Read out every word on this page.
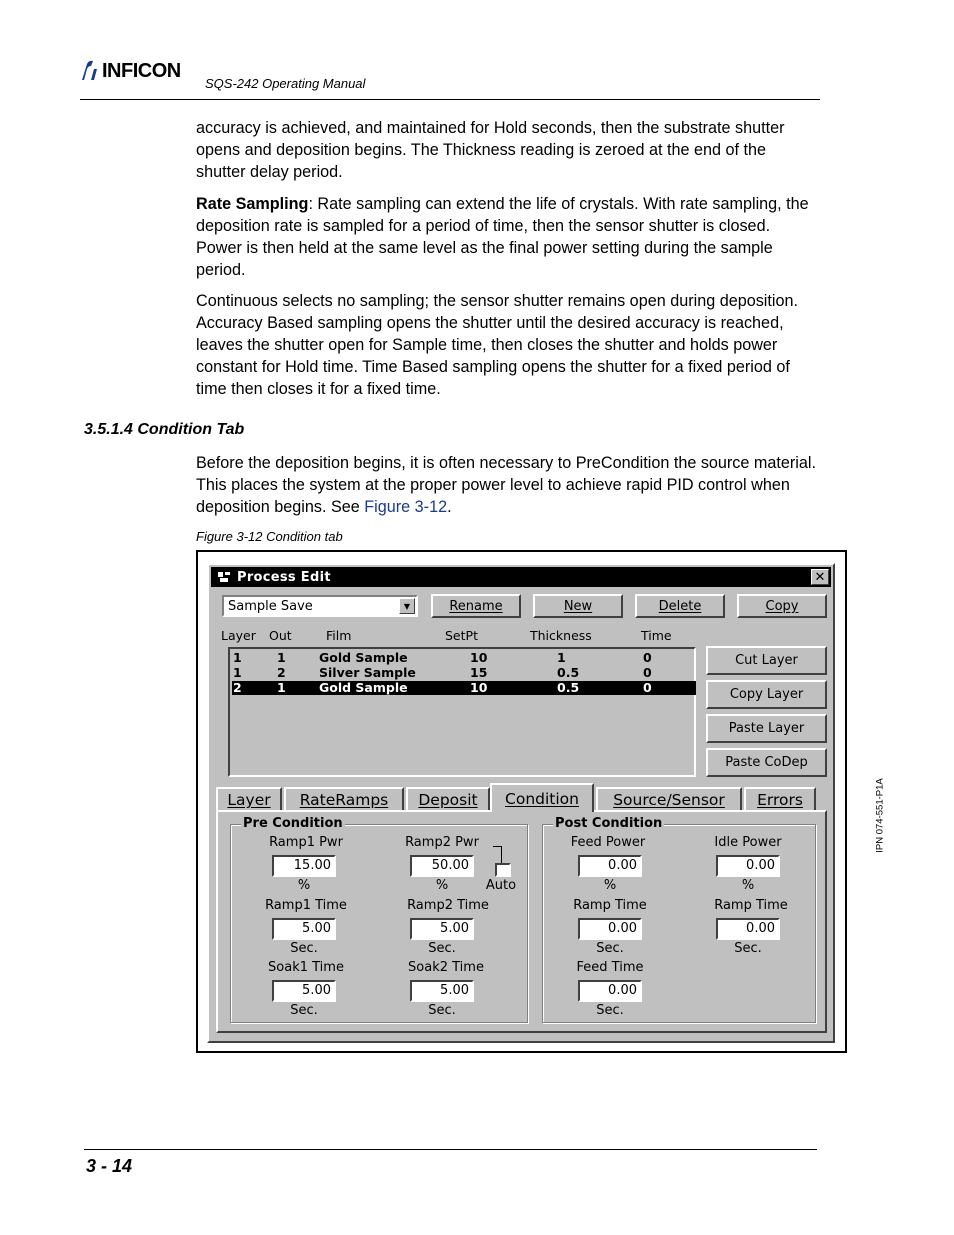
INFICON
SQS-242 Operating Manual

accuracy is achieved, and maintained for Hold seconds, then the substrate shutter opens and deposition begins. The Thickness reading is zeroed at the end of the shutter delay period.

Rate Sampling: Rate sampling can extend the life of crystals. With rate sampling, the deposition rate is sampled for a period of time, then the sensor shutter is closed. Power is then held at the same level as the final power setting during the sample period.

Continuous selects no sampling; the sensor shutter remains open during deposition. Accuracy Based sampling opens the shutter until the desired accuracy is reached, leaves the shutter open for Sample time, then closes the shutter and holds power constant for Hold time. Time Based sampling opens the shutter for a fixed period of time then closes it for a fixed time.

3.5.1.4 Condition Tab

Before the deposition begins, it is often necessary to PreCondition the source material. This places the system at the proper power level to achieve rapid PID control when deposition begins. See Figure 3-12.

Figure 3-12 Condition tab
Process Edit	✕
Sample Save	▼	Rename	New	Delete	Copy
Layer Out	Film	SetPt	Thickness	Time
1	1	Gold Sample	10	1	0
1	2	Silver Sample	15	0.5	0
2	1	Gold Sample	10	0.5	0
Cut Layer
Copy Layer
Paste Layer
Paste CoDep
Layer RateRamps Deposit Condition Source/Sensor Errors
Pre Condition
Ramp1 Pwr
15.00
%
Ramp2 Pwr
50.00
%	Auto
Ramp1 Time
5.00
Sec.
Ramp2 Time
5.00
Sec.
Soak1 Time
5.00
Sec.
Soak2 Time
5.00
Sec.
Post Condition
Feed Power
0.00
%
Idle Power
0.00
%
Ramp Time
0.00
Sec.
Ramp Time
0.00
Sec.
Feed Time
0.00
Sec.
IPN 074-551-P1A
3 - 14
